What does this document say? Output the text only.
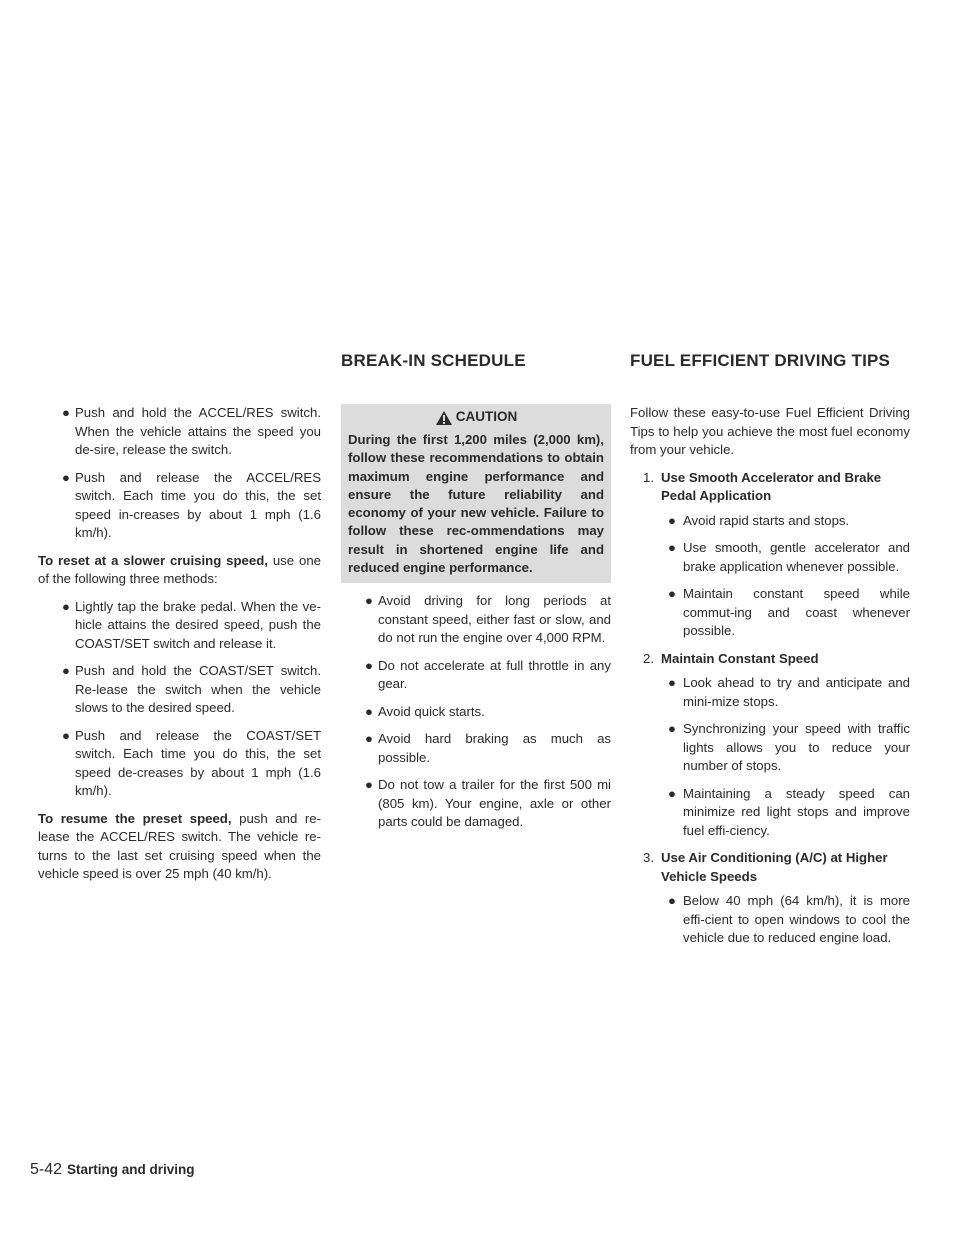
BREAK-IN SCHEDULE	FUEL EFFICIENT DRIVING TIPS
● Push and hold the ACCEL/RES switch. When the vehicle attains the speed you de-sire, release the switch.
● Push and release the ACCEL/RES switch. Each time you do this, the set speed in-creases by about 1 mph (1.6 km/h).

To reset at a slower cruising speed, use one of the following three methods:

● Lightly tap the brake pedal. When the ve-hicle attains the desired speed, push the COAST/SET switch and release it.
● Push and hold the COAST/SET switch. Re-lease the switch when the vehicle slows to the desired speed.
● Push and release the COAST/SET switch. Each time you do this, the set speed de-creases by about 1 mph (1.6 km/h).

To resume the preset speed, push and re-lease the ACCEL/RES switch. The vehicle re-turns to the last set cruising speed when the vehicle speed is over 25 mph (40 km/h).

CAUTION
During the first 1,200 miles (2,000 km), follow these recommendations to obtain maximum engine performance and ensure the future reliability and economy of your new vehicle. Failure to follow these rec-ommendations may result in shortened engine life and reduced engine performance.
● Avoid driving for long periods at constant speed, either fast or slow, and do not run the engine over 4,000 RPM.
● Do not accelerate at full throttle in any gear.
● Avoid quick starts.
● Avoid hard braking as much as possible.
● Do not tow a trailer for the first 500 mi (805 km). Your engine, axle or other parts could be damaged.

Follow these easy-to-use Fuel Efficient Driving Tips to help you achieve the most fuel economy from your vehicle.

1. Use Smooth Accelerator and Brake Pedal Application
● Avoid rapid starts and stops.
● Use smooth, gentle accelerator and brake application whenever possible.
● Maintain constant speed while commut-ing and coast whenever possible.
2. Maintain Constant Speed
● Look ahead to try and anticipate and mini-mize stops.
● Synchronizing your speed with traffic lights allows you to reduce your number of stops.
● Maintaining a steady speed can minimize red light stops and improve fuel effi-ciency.
3. Use Air Conditioning (A/C) at Higher Vehicle Speeds
● Below 40 mph (64 km/h), it is more effi-cient to open windows to cool the vehicle due to reduced engine load.
5-42 Starting and driving
